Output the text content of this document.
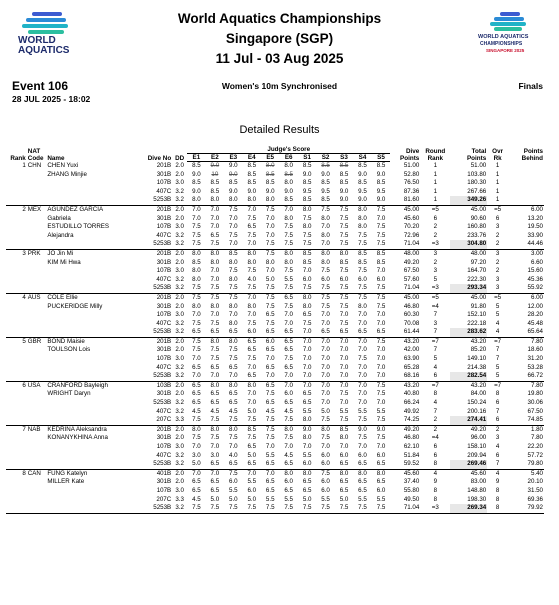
WORLD
AQUATICS
WORLD AQUATICS
CHAMPIONSHIPS
SINGAPORE 2025
World Aquatics Championships
Singapore (SGP)
11 Jul - 03 Aug 2025
Event 106
28 JUL 2025 - 18:02
Women's 10m Synchronised	Finals
Detailed Results
Rank	NAT Code	Name	Dive No	DD	Judge's Score											Dive Points	Round Rank	Total Points	Ovr Rk	Points Behind
					E1	E2	E3	E4	E5	E6	S1	S2	S3	S4	S5					
1	CHN	CHEN Yuxi	201B	2.0	8.5	9.0	9.0	8.5	8.0	8.0	8.5	8.5	8.5	8.5	8.5	51.00	1	51.00	1	
		ZHANG Minjie	301B	2.0	9.0	10	9.0	8.5	8.5	8.5	9.0	9.0	8.5	9.0	9.0	52.80	1	103.80	1	
			107B	3.0	8.5	8.5	8.5	8.5	8.5	8.0	8.5	8.5	8.5	8.5	8.5	76.50	1	180.30	1	
			407C	3.2	9.0	8.5	9.0	9.0	9.0	9.0	9.5	9.5	9.0	9.5	9.5	87.36	1	267.66	1	
			5253B	3.2	8.0	8.0	8.0	8.0	8.0	8.5	8.5	8.5	9.0	9.0	9.0	81.60	1	349.26	1	
2	MEX	AGUNDEZ GARCIA	201B	2.0	7.0	7.0	7.5	7.0	7.5	7.0	8.0	7.5	7.5	8.0	7.5	45.00	=5	45.00	=5	6.00
		Gabriela	301B	2.0	7.0	7.0	7.0	7.5	7.0	8.0	7.5	8.0	7.5	8.0	7.0	45.60	6	90.60	6	13.20
		ESTUDILLO TORRES	107B	3.0	7.5	7.0	7.0	6.5	7.0	7.5	8.0	7.0	7.5	8.0	7.5	70.20	2	160.80	3	19.50
		Alejandra	407C	3.2	7.5	6.5	7.5	7.5	7.0	7.5	7.5	8.0	7.5	7.5	7.5	72.96	2	233.76	2	33.90
			5253B	3.2	7.5	7.5	7.0	7.0	7.5	7.5	7.5	7.0	7.5	7.5	7.5	71.04	=3	304.80	2	44.46
3	PRK	JO Jin Mi	201B	2.0	8.0	8.0	8.5	8.0	7.5	8.0	8.5	8.0	8.0	8.5	8.5	48.00	3	48.00	3	3.00
		KIM Mi Hwa	301B	2.0	8.5	8.0	8.0	8.0	8.0	8.0	8.5	8.0	8.5	8.5	8.5	49.20	2	97.20	2	6.60
			107B	3.0	8.0	7.0	7.5	7.5	7.0	7.5	7.0	7.5	7.5	7.5	7.0	67.50	3	164.70	2	15.60
			407C	3.2	8.0	7.0	8.0	4.0	5.0	5.5	6.0	6.0	6.0	6.0	6.0	57.60	5	222.30	3	45.36
			5253B	3.2	7.5	7.5	7.5	7.5	7.5	7.5	7.5	7.5	7.5	7.5	7.5	71.04	=3	293.34	3	55.92
4	AUS	COLE Ellie	201B	2.0	7.5	7.5	7.5	7.0	7.5	6.5	8.0	7.5	7.5	7.5	7.5	45.00	=5	45.00	=5	6.00
		PUCKERIDGE Milly	301B	2.0	8.0	8.0	8.0	8.0	7.5	7.5	8.0	7.5	7.5	8.0	7.5	46.80	=4	91.80	5	12.00
			107B	3.0	7.0	7.0	7.0	7.0	6.5	7.0	6.5	7.0	7.0	7.0	7.0	60.30	7	152.10	5	28.20
			407C	3.2	7.5	7.5	8.0	7.5	7.5	7.0	7.5	7.0	7.5	7.0	7.0	70.08	3	222.18	4	45.48
			5253B	3.2	6.5	6.5	6.5	6.0	6.5	6.5	7.0	6.5	6.5	6.5	6.5	61.44	7	283.62	4	65.64
5	GBR	BOND Maisie	201B	2.0	7.5	8.0	8.0	6.5	6.0	6.5	7.0	7.0	7.0	7.0	7.5	43.20	=7	43.20	=7	7.80
		TOULSON Lois	301B	2.0	7.5	7.5	7.5	6.5	6.5	6.5	7.0	7.0	7.0	7.0	7.0	42.00	7	85.20	7	18.60
			107B	3.0	7.0	7.5	7.5	7.5	7.0	7.5	7.0	7.0	7.0	7.5	7.0	63.90	5	149.10	7	31.20
			407C	3.2	6.5	6.5	6.5	7.0	6.5	6.5	7.0	7.0	7.0	7.0	7.0	65.28	4	214.38	5	53.28
			5253B	3.2	7.0	7.0	7.0	6.5	7.0	7.0	7.0	7.0	7.0	7.0	7.0	68.16	6	282.54	5	66.72
6	USA	CRANFORD Bayleigh	103B	2.0	6.5	8.0	8.0	8.0	6.5	7.0	7.0	7.0	7.0	7.0	7.5	43.20	=7	43.20	=7	7.80
		WRIGHT Daryn	301B	2.0	6.5	6.5	6.5	7.0	7.5	6.0	6.5	7.0	7.5	7.0	7.5	40.80	8	84.00	8	19.80
			5253B	3.2	6.5	6.5	6.5	7.0	6.5	6.5	6.5	7.0	7.0	7.0	7.0	66.24	4	150.24	6	30.06
			407C	3.2	4.5	4.5	4.5	5.0	4.5	4.5	5.5	5.0	5.5	5.5	5.5	49.92	7	200.16	7	67.50
			207C	3.3	7.5	7.5	7.5	7.5	7.5	7.5	8.0	7.5	7.5	7.5	7.5	74.25	2	274.41	6	74.85
7	NAB	KEDRINA Aleksandra	201B	2.0	8.0	8.0	8.0	8.5	7.5	8.0	9.0	8.0	8.5	9.0	9.0	49.20	2	49.20	2	1.80
		KONANYKHINA Anna	301B	2.0	7.5	7.5	7.5	7.5	7.5	7.5	8.0	7.5	8.0	7.5	7.5	46.80	=4	96.00	3	7.80
			107B	3.0	7.0	7.0	7.0	6.5	7.0	7.0	7.0	7.0	7.0	7.0	7.0	62.10	6	158.10	4	22.20
			407C	3.2	3.0	3.0	4.0	5.0	5.5	4.5	5.5	6.0	6.0	6.0	6.0	51.84	6	209.94	6	57.72
			5253B	3.2	5.0	6.5	6.5	6.5	6.5	6.5	6.0	6.0	6.5	6.5	6.5	59.52	8	269.46	7	79.80
8	CAN	FUNG Katelyn	401B	2.0	7.0	7.0	7.5	7.0	7.0	8.0	8.0	7.5	8.0	8.0	8.0	45.60	4	45.60	4	5.40
		MILLER Kate	301B	2.0	6.5	6.5	6.0	5.5	6.5	6.0	6.5	6.0	6.5	6.5	6.5	37.40	9	83.00	9	20.10
			107B	3.0	6.5	6.5	5.5	6.0	6.5	6.5	6.5	6.0	6.5	6.5	6.0	55.80	8	148.80	8	31.50
			207C	3.3	4.5	5.0	5.0	5.0	5.5	5.5	5.0	5.5	5.0	5.5	5.5	49.50	8	198.30	8	69.36
			5253B	3.2	7.5	7.5	7.5	7.5	7.5	7.5	7.5	7.5	7.5	7.5	7.5	71.04	=3	269.34	8	79.92
